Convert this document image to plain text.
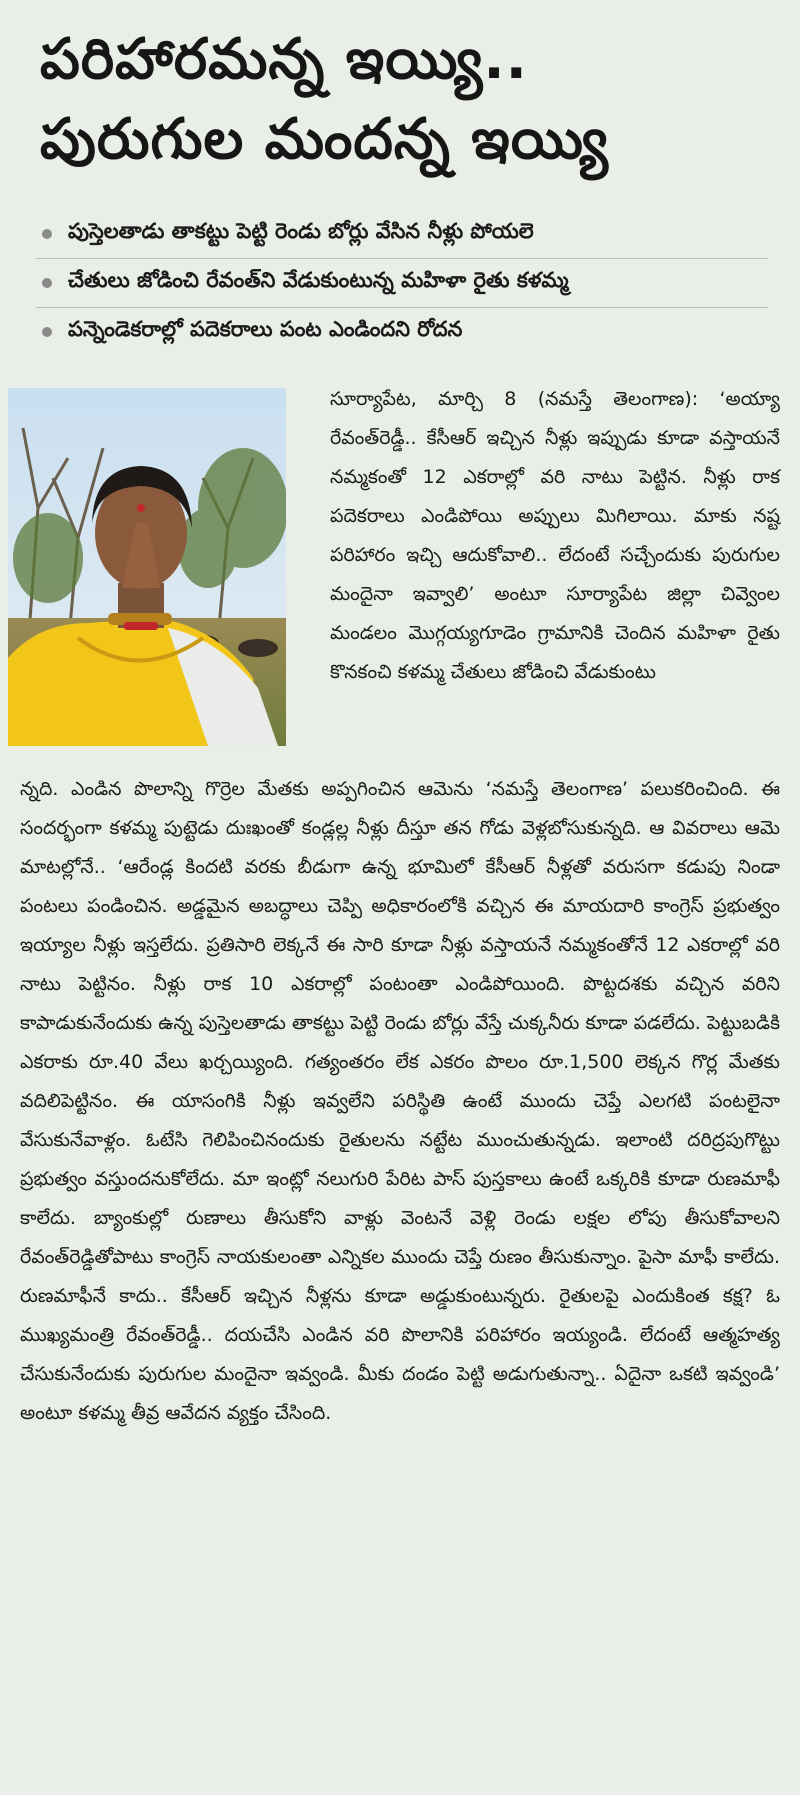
పరిహారమన్న ఇయ్యి..
పురుగుల మందన్న ఇయ్యి
పుస్తెలతాడు తాకట్టు పెట్టి రెండు బోర్లు వేసిన నీళ్లు పోయలె
చేతులు జోడించి రేవంత్‌ని వేడుకుంటున్న మహిళా రైతు కళమ్మ
పన్నెండెకరాల్లో పదెకరాలు పంట ఎండిందని రోదన

సూర్యాపేట, మార్చి 8 (నమస్తే తెలంగాణ): ‘అయ్యా రేవంత్‌రెడ్డీ.. కేసీఆర్‌ ఇచ్చిన నీళ్లు ఇప్పుడు కూడా వస్తాయనే నమ్మకంతో 12 ఎకరాల్లో వరి నాటు పెట్టిన. నీళ్లు రాక పదెకరాలు ఎండిపోయి అప్పులు మిగిలాయి. మాకు నష్ట పరిహారం ఇచ్చి ఆదుకోవాలి.. లేదంటే సచ్చేందుకు పురుగుల మందైనా ఇవ్వాలి’ అంటూ సూర్యాపేట జిల్లా చివ్వెంల మండలం మొగ్గయ్యగూడెం గ్రామానికి చెందిన మహిళా రైతు కొనకంచి కళమ్మ చేతులు జోడించి వేడుకుంటు

న్నది. ఎండిన పొలాన్ని గొర్రెల మేతకు అప్పగించిన ఆమెను ‘నమస్తే తెలంగాణ’ పలుకరించింది. ఈ సందర్భంగా కళమ్మ పుట్టెడు దుఃఖంతో కండ్లల్ల నీళ్లు దీస్తూ తన గోడు వెళ్లబోసుకున్నది. ఆ వివరాలు ఆమె మాటల్లోనే.. ‘ఆరేండ్ల కిందటి వరకు బీడుగా ఉన్న భూమిలో కేసీఆర్‌ నీళ్లతో వరుసగా కడుపు నిండా పంటలు పండించిన. అడ్డమైన అబద్ధాలు చెప్పి అధికారంలోకి వచ్చిన ఈ మాయదారి కాంగ్రెస్‌ ప్రభుత్వం ఇయ్యాల నీళ్లు ఇస్తలేదు. ప్రతిసారి లెక్కనే ఈ సారి కూడా నీళ్లు వస్తాయనే నమ్మకంతోనే 12 ఎకరాల్లో వరి నాటు పెట్టినం. నీళ్లు రాక 10 ఎకరాల్లో పంటంతా ఎండిపోయింది. పొట్టదశకు వచ్చిన వరిని కాపాడుకునేందుకు ఉన్న పుస్తెలతాడు తాకట్టు పెట్టి రెండు బోర్లు వేస్తే చుక్కనీరు కూడా పడలేదు. పెట్టుబడికి ఎకరాకు రూ.40 వేలు ఖర్చయ్యింది. గత్యంతరం లేక ఎకరం పొలం రూ.1,500 లెక్కన గొర్ల మేతకు వదిలిపెట్టినం. ఈ యాసంగికి నీళ్లు ఇవ్వలేని పరిస్థితి ఉంటే ముందు చెప్తే ఎలగటి పంటలైనా వేసుకునేవాళ్లం. ఓటేసి గెలిపించినందుకు రైతులను నట్టేట ముంచుతున్నడు. ఇలాంటి దరిద్రపుగొట్టు ప్రభుత్వం వస్తుందనుకోలేదు. మా ఇంట్లో నలుగురి పేరిట పాస్‌ పుస్తకాలు ఉంటే ఒక్కరికి కూడా రుణమాఫీ కాలేదు. బ్యాంకుల్లో రుణాలు తీసుకోని వాళ్లు వెంటనే వెళ్లి రెండు లక్షల లోపు తీసుకోవాలని రేవంత్‌రెడ్డితోపాటు కాంగ్రెస్‌ నాయకులంతా ఎన్నికల ముందు చెప్తే రుణం తీసుకున్నాం. పైసా మాఫీ కాలేదు. రుణమాఫీనే కాదు.. కేసీఆర్‌ ఇచ్చిన నీళ్లను కూడా అడ్డుకుంటున్నరు. రైతులపై ఎందుకింత కక్ష? ఓ ముఖ్యమంత్రి రేవంత్‌రెడ్డీ.. దయచేసి ఎండిన వరి పొలానికి పరిహారం ఇయ్యండి. లేదంటే ఆత్మహత్య చేసుకునేందుకు పురుగుల మందైనా ఇవ్వండి. మీకు దండం పెట్టి అడుగుతున్నా.. ఏదైనా ఒకటి ఇవ్వండి’ అంటూ కళమ్మ తీవ్ర ఆవేదన వ్యక్తం చేసింది.
